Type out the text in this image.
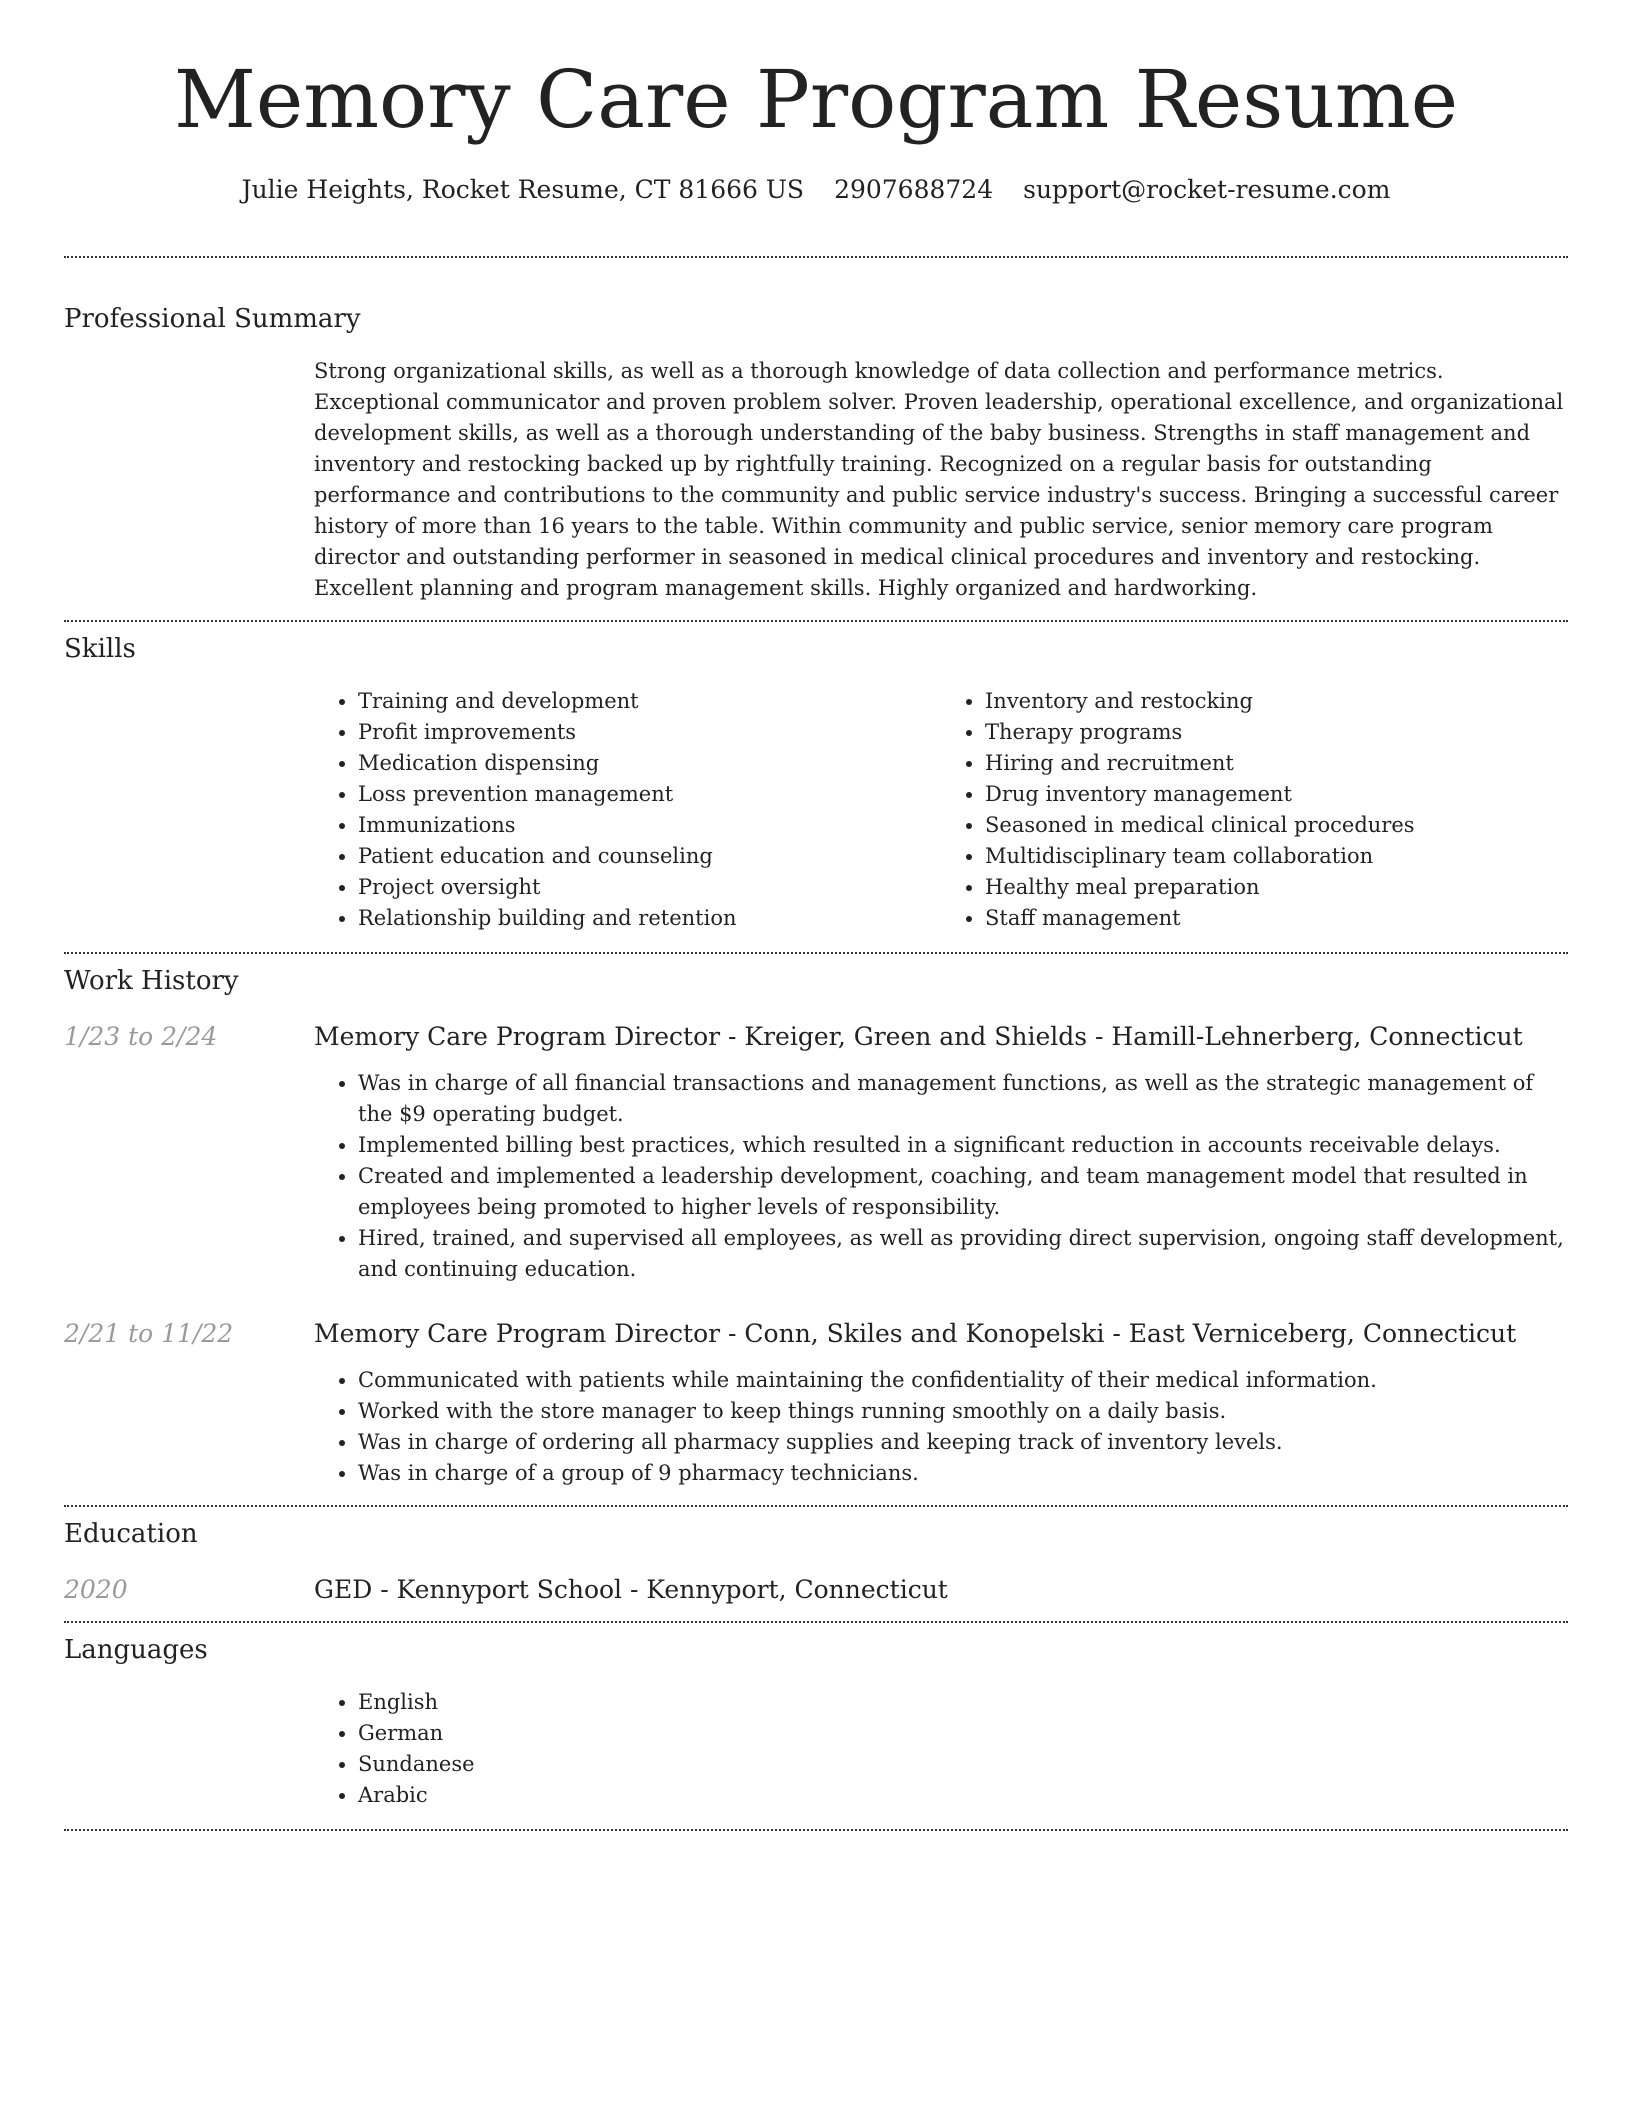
Memory Care Program Resume
Julie Heights, Rocket Resume, CT 81666 US 2907688724 support@rocket-resume.com
Professional Summary

Strong organizational skills, as well as a thorough knowledge of data collection and performance metrics. Exceptional communicator and proven problem solver. Proven leadership, operational excellence, and organizational development skills, as well as a thorough understanding of the baby business. Strengths in staff management and inventory and restocking backed up by rightfully training. Recognized on a regular basis for outstanding performance and contributions to the community and public service industry's success. Bringing a successful career history of more than 16 years to the table. Within community and public service, senior memory care program director and outstanding performer in seasoned in medical clinical procedures and inventory and restocking. Excellent planning and program management skills. Highly organized and hardworking.

Skills
• Training and development
• Profit improvements
• Medication dispensing
• Loss prevention management
• Immunizations
• Patient education and counseling
• Project oversight
• Relationship building and retention
• Inventory and restocking
• Therapy programs
• Hiring and recruitment
• Drug inventory management
• Seasoned in medical clinical procedures
• Multidisciplinary team collaboration
• Healthy meal preparation
• Staff management
Work History
1/23 to 2/24	Memory Care Program Director - Kreiger, Green and Shields - Hamill-Lehnerberg, Connecticut
• Was in charge of all financial transactions and management functions, as well as the strategic management of the $9 operating budget.
• Implemented billing best practices, which resulted in a significant reduction in accounts receivable delays.
• Created and implemented a leadership development, coaching, and team management model that resulted in employees being promoted to higher levels of responsibility.
• Hired, trained, and supervised all employees, as well as providing direct supervision, ongoing staff development, and continuing education.
2/21 to 11/22	Memory Care Program Director - Conn, Skiles and Konopelski - East Verniceberg, Connecticut
• Communicated with patients while maintaining the confidentiality of their medical information.
• Worked with the store manager to keep things running smoothly on a daily basis.
• Was in charge of ordering all pharmacy supplies and keeping track of inventory levels.
• Was in charge of a group of 9 pharmacy technicians.
Education
2020	GED - Kennyport School - Kennyport, Connecticut
Languages
• English
• German
• Sundanese
• Arabic
